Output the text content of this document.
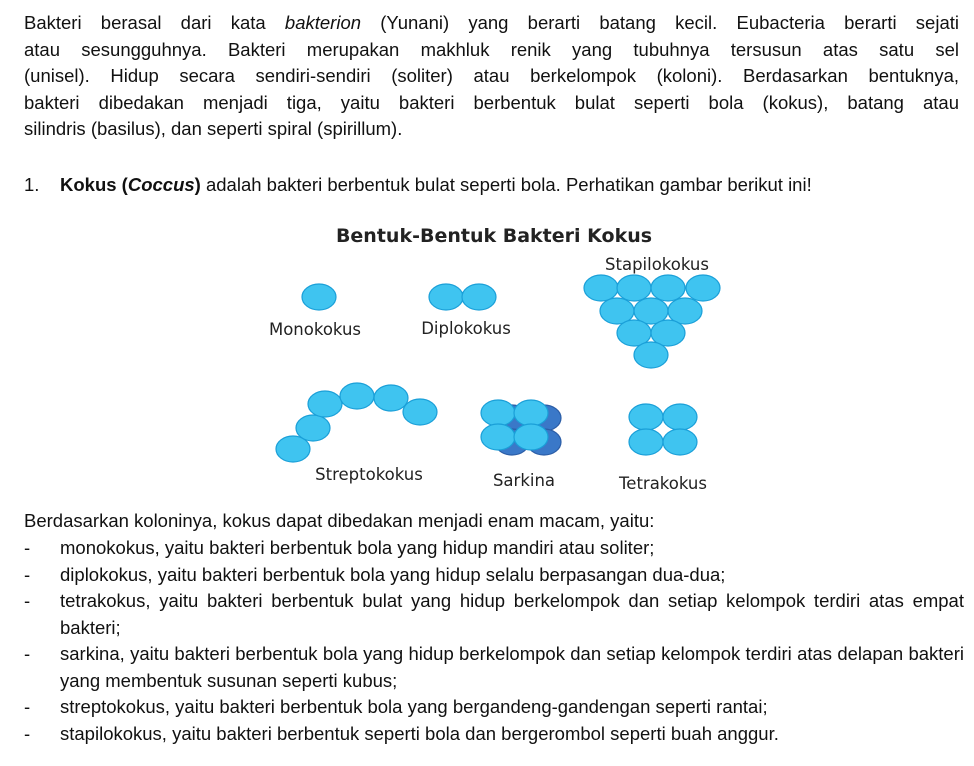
Bakteri berasal dari kata bakterion (Yunani) yang berarti batang kecil. Eubacteria berarti sejati
atau sesungguhnya. Bakteri merupakan makhluk renik yang tubuhnya tersusun atas satu sel
(unisel). Hidup secara sendiri-sendiri (soliter) atau berkelompok (koloni). Berdasarkan bentuknya,
bakteri dibedakan menjadi tiga, yaitu bakteri berbentuk bulat seperti bola (kokus), batang atau
silindris (basilus), dan seperti spiral (spirillum).
1. Kokus (Coccus) adalah bakteri berbentuk bulat seperti bola. Perhatikan gambar berikut ini!
Bentuk-Bentuk Bakteri Kokus
Monokokus	Diplokokus
Stapilokokus
Streptokokus	Sarkina	Tetrakokus
Berdasarkan koloninya, kokus dapat dibedakan menjadi enam macam, yaitu:
- monokokus, yaitu bakteri berbentuk bola yang hidup mandiri atau soliter;
- diplokokus, yaitu bakteri berbentuk bola yang hidup selalu berpasangan dua-dua;
- tetrakokus, yaitu bakteri berbentuk bulat yang hidup berkelompok dan setiap kelompok terdiri atas empat bakteri;
- sarkina, yaitu bakteri berbentuk bola yang hidup berkelompok dan setiap kelompok terdiri atas delapan bakteri yang membentuk susunan seperti kubus;
- streptokokus, yaitu bakteri berbentuk bola yang bergandeng-gandengan seperti rantai;
- stapilokokus, yaitu bakteri berbentuk seperti bola dan bergerombol seperti buah anggur.
